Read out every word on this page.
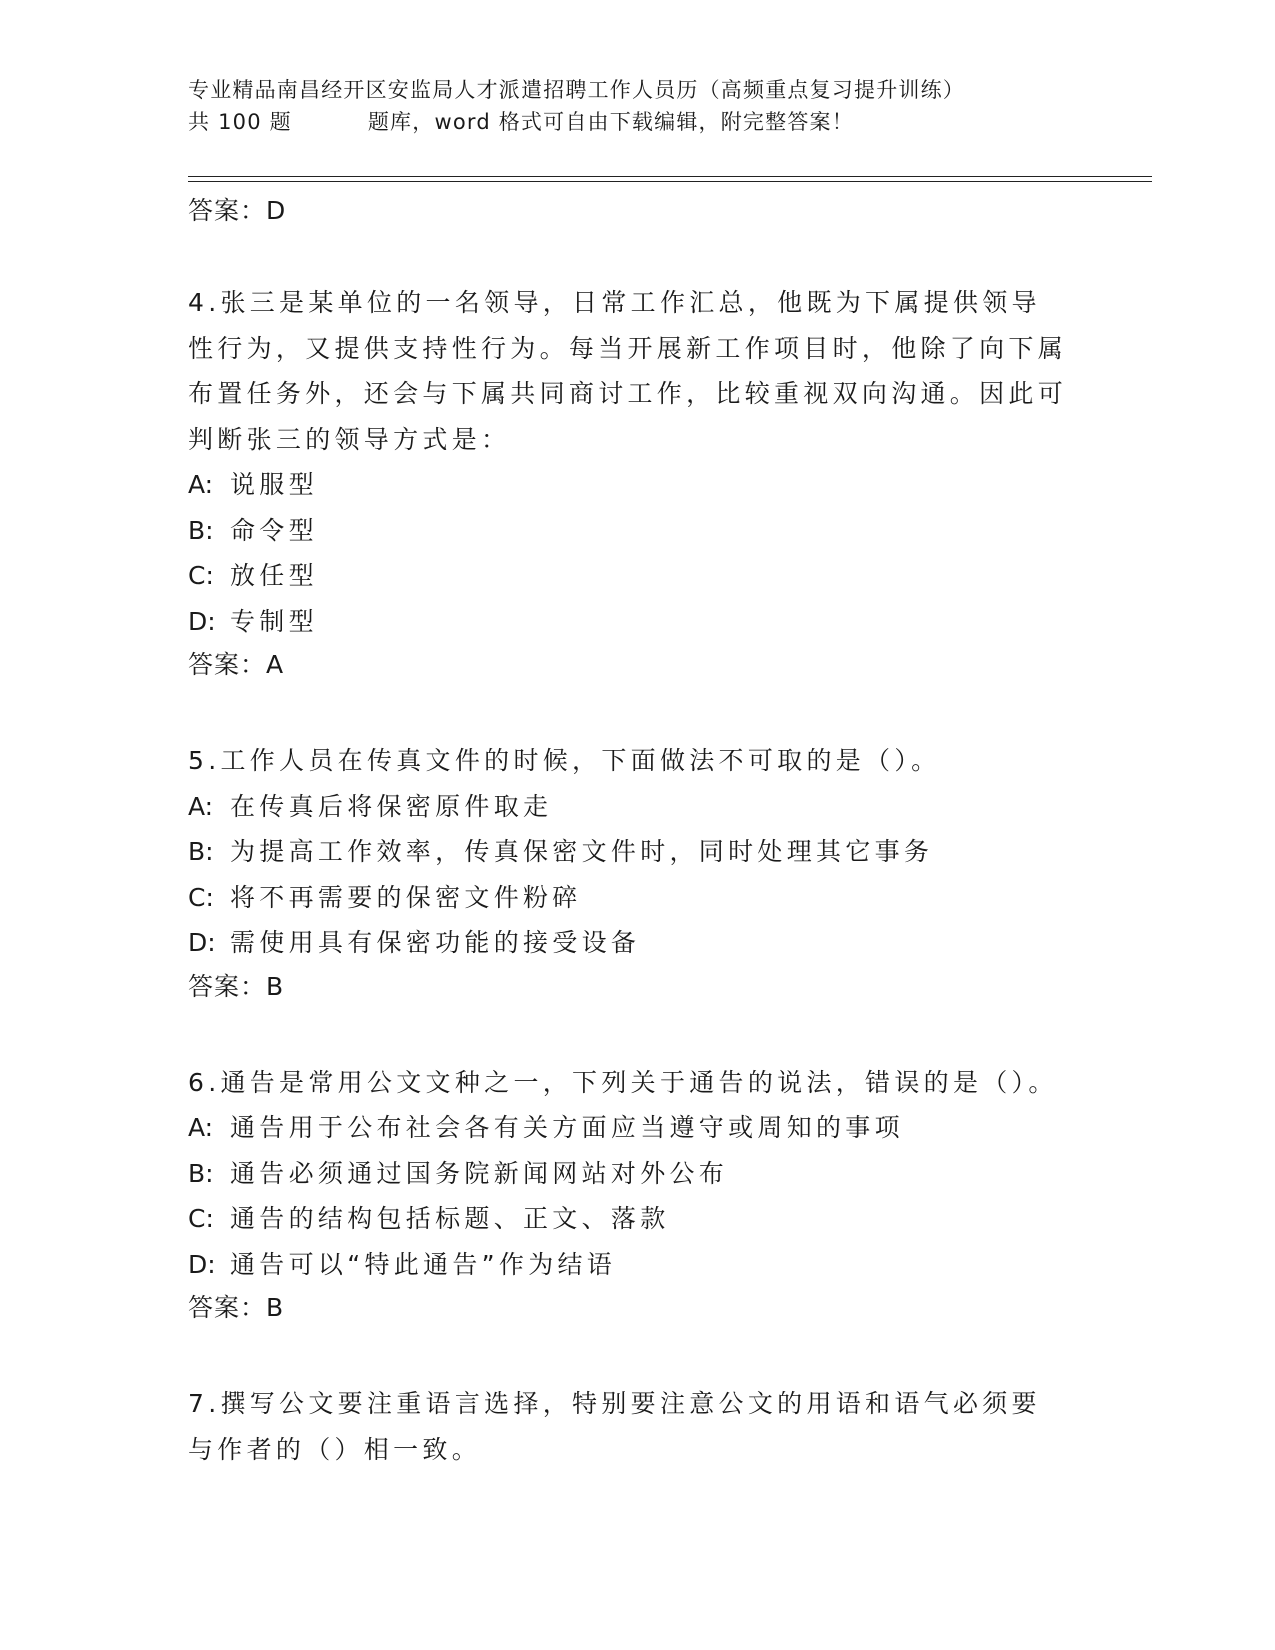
专业精品南昌经开区安监局人才派遣招聘工作人员历（高频重点复习提升训练）
共 100 题	题库，word 格式可自由下载编辑，附完整答案！
答案：D
4.张三是某单位的一名领导，日常工作汇总，他既为下属提供领导性行为，又提供支持性行为。每当开展新工作项目时，他除了向下属布置任务外，还会与下属共同商讨工作，比较重视双向沟通。因此可判断张三的领导方式是：
A: 说服型
B: 命令型
C: 放任型
D: 专制型
答案：A
5.工作人员在传真文件的时候，下面做法不可取的是（）。
A: 在传真后将保密原件取走
B: 为提高工作效率，传真保密文件时，同时处理其它事务
C: 将不再需要的保密文件粉碎
D: 需使用具有保密功能的接受设备
答案：B
6.通告是常用公文文种之一，下列关于通告的说法，错误的是（）。
A: 通告用于公布社会各有关方面应当遵守或周知的事项
B: 通告必须通过国务院新闻网站对外公布
C: 通告的结构包括标题、正文、落款
D: 通告可以“特此通告”作为结语
答案：B
7.撰写公文要注重语言选择，特别要注意公文的用语和语气必须要与作者的（）相一致。
